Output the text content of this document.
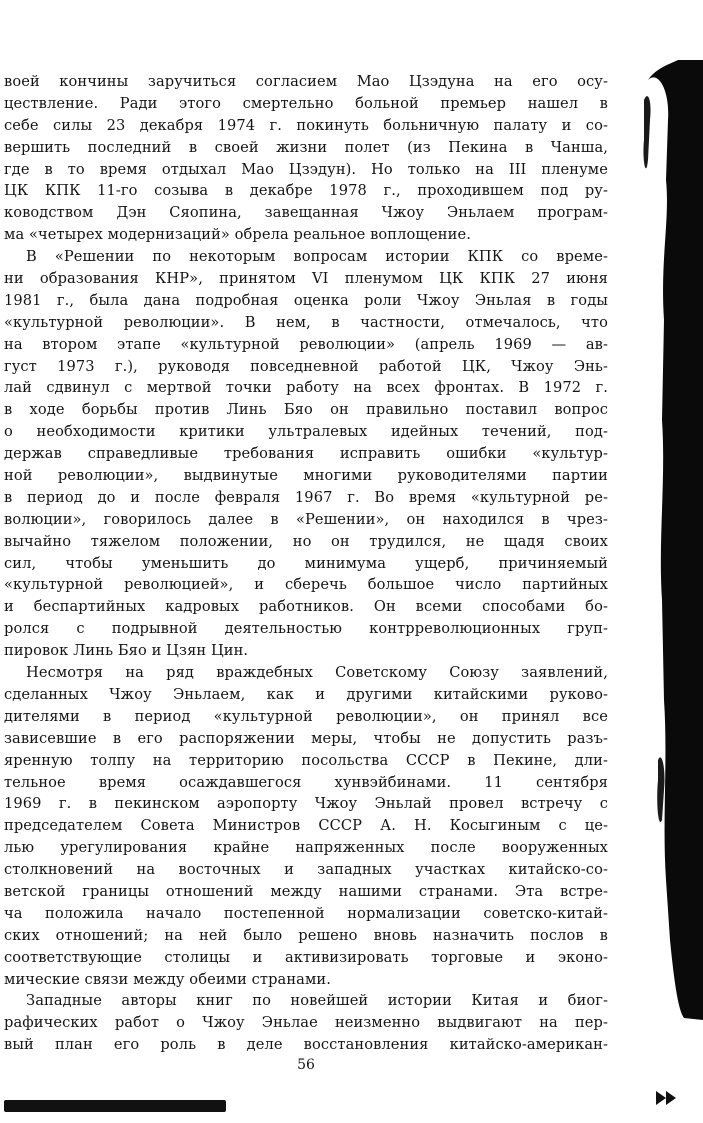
воей кончины заручиться согласием Мао Цзэдуна на его осу-
цествление. Ради этого смертельно больной премьер нашел в
себе силы 23 декабря 1974 г. покинуть больничную палату и со-
вершить последний в своей жизни полет (из Пекина в Чанша,
где в то время отдыхал Мао Цзэдун). Но только на III пленуме
ЦК КПК 11-го созыва в декабре 1978 г., проходившем под ру-
ководством Дэн Сяопина, завещанная Чжоу Эньлаем програм-
ма «четырех модернизаций» обрела реальное воплощение.
В «Решении по некоторым вопросам истории КПК со време-
ни образования КНР», принятом VI пленумом ЦК КПК 27 июня
1981 г., была дана подробная оценка роли Чжоу Эньлая в годы
«культурной революции». В нем, в частности, отмечалось, что
на втором этапе «культурной революции» (апрель 1969 — ав-
густ 1973 г.), руководя повседневной работой ЦК, Чжоу Энь-
лай сдвинул с мертвой точки работу на всех фронтах. В 1972 г.
в ходе борьбы против Линь Бяо он правильно поставил вопрос
о необходимости критики ультралевых идейных течений, под-
держав справедливые требования исправить ошибки «культур-
ной революции», выдвинутые многими руководителями партии
в период до и после февраля 1967 г. Во время «культурной ре-
волюции», говорилось далее в «Решении», он находился в чрез-
вычайно тяжелом положении, но он трудился, не щадя своих
сил, чтобы уменьшить до минимума ущерб, причиняемый
«культурной революцией», и сберечь большое число партийных
и беспартийных кадровых работников. Он всеми способами бо-
ролся с подрывной деятельностью контрреволюционных груп-
пировок Линь Бяо и Цзян Цин.
Несмотря на ряд враждебных Советскому Союзу заявлений,
сделанных Чжоу Эньлаем, как и другими китайскими руково-
дителями в период «культурной революции», он принял все
зависевшие в его распоряжении меры, чтобы не допустить разъ-
яренную толпу на территорию посольства СССР в Пекине, дли-
тельное время осаждавшегося хунвэйбинами. 11 сентября
1969 г. в пекинском аэропорту Чжоу Эньлай провел встречу с
председателем Совета Министров СССР А. Н. Косыгиным с це-
лью урегулирования крайне напряженных после вооруженных
столкновений на восточных и западных участках китайско-со-
ветской границы отношений между нашими странами. Эта встре-
ча положила начало постепенной нормализации советско-китай-
ских отношений; на ней было решено вновь назначить послов в
соответствующие столицы и активизировать торговые и эконо-
мические связи между обеими странами.
Западные авторы книг по новейшей истории Китая и биог-
рафических работ о Чжоу Эньлае неизменно выдвигают на пер-
вый план его роль в деле восстановления китайско-американ-
56
